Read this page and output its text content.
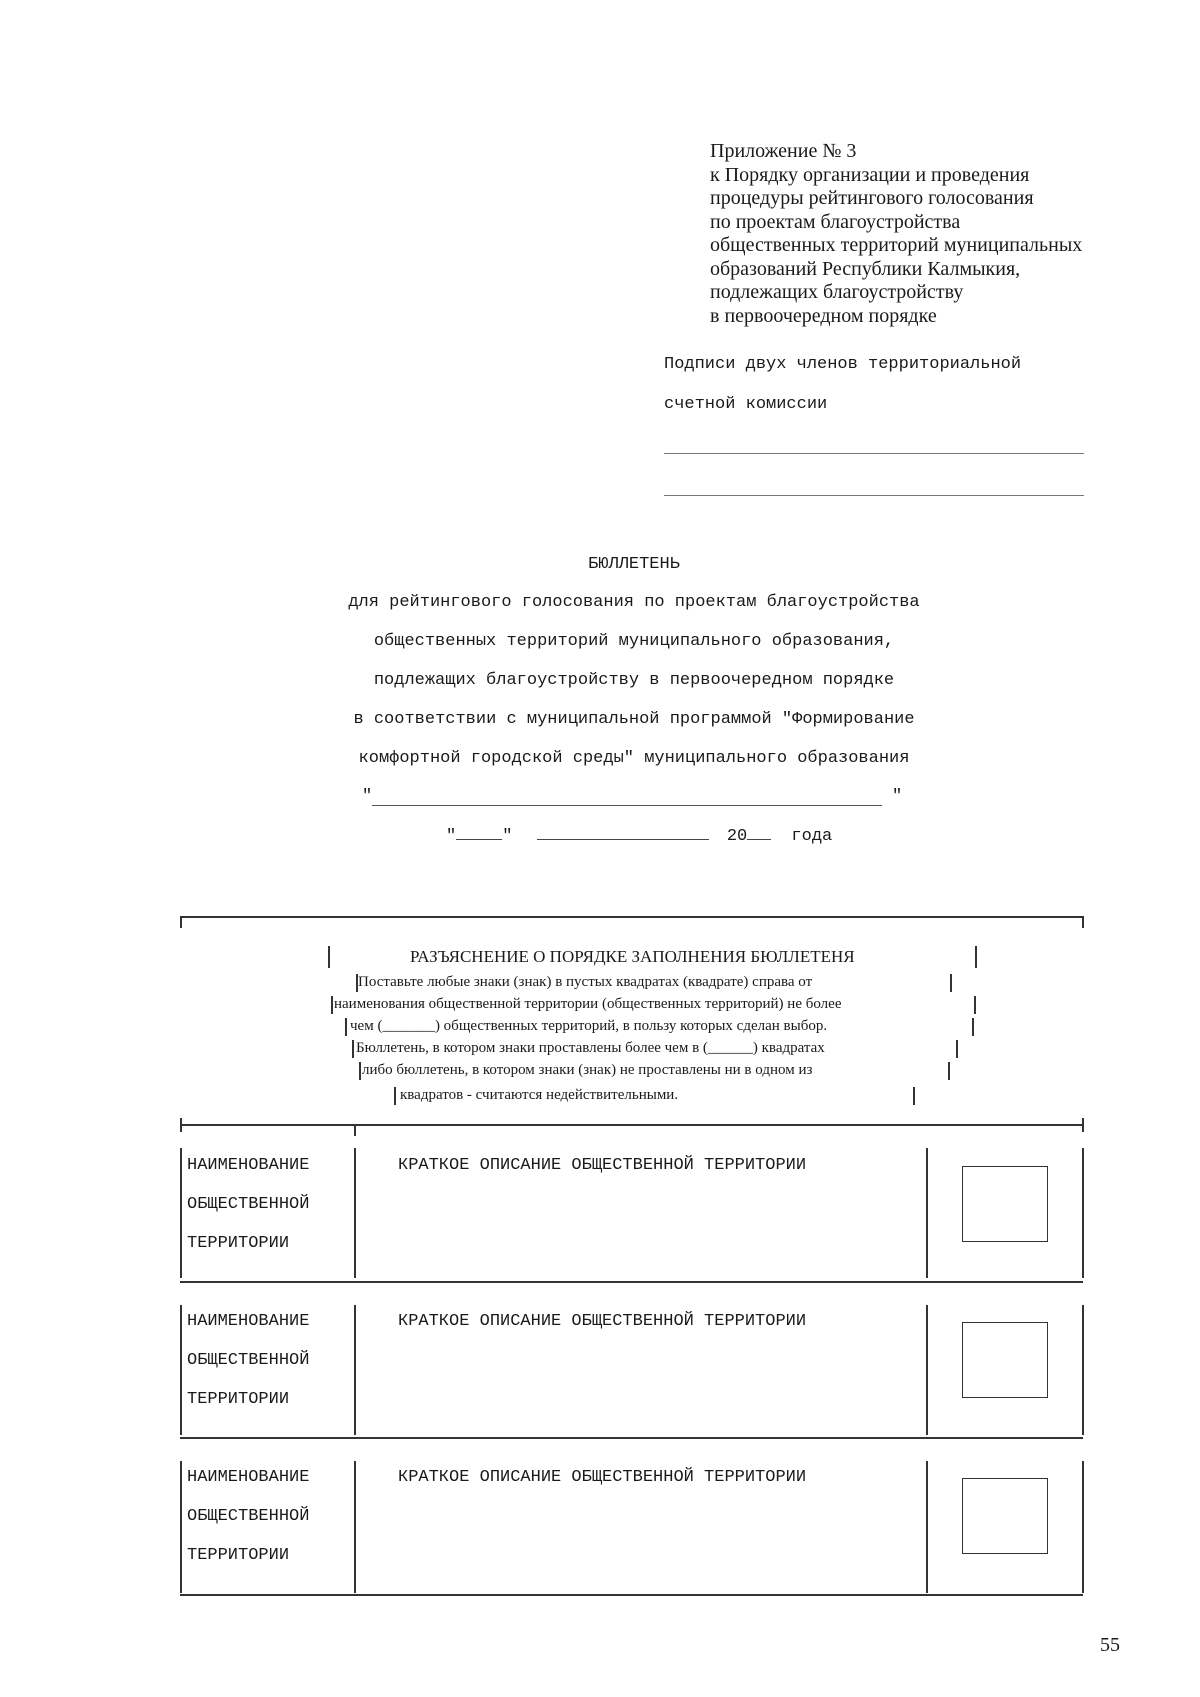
Приложение № 3
к Порядку организации и проведения
процедуры рейтингового голосования
по проектам благоустройства
общественных территорий муниципальных
образований Республики Калмыкия,
подлежащих благоустройству
в первоочередном порядке
Подписи двух членов территориальной
счетной комиссии
БЮЛЛЕТЕНЬ
для рейтингового голосования по проектам благоустройства
общественных территорий муниципального образования,
подлежащих благоустройству в первоочередном порядке
в соответствии с муниципальной программой "Формирование
комфортной городской среды" муниципального образования
"	"
"	"	20	года
РАЗЪЯСНЕНИЕ О ПОРЯДКЕ ЗАПОЛНЕНИЯ БЮЛЛЕТЕНЯ
Поставьте любые знаки (знак) в пустых квадратах (квадрате) справа от
наименования общественной территории (общественных территорий) не более
чем (_______) общественных территорий, в пользу которых сделан выбор.
Бюллетень, в котором знаки проставлены более чем в (______) квадратах
либо бюллетень, в котором знаки (знак) не проставлены ни в одном из
квадратов - считаются недействительными.
НАИМЕНОВАНИЕ
ОБЩЕСТВЕННОЙ
ТЕРРИТОРИИ
КРАТКОЕ ОПИСАНИЕ ОБЩЕСТВЕННОЙ ТЕРРИТОРИИ
НАИМЕНОВАНИЕ
ОБЩЕСТВЕННОЙ
ТЕРРИТОРИИ
КРАТКОЕ ОПИСАНИЕ ОБЩЕСТВЕННОЙ ТЕРРИТОРИИ
НАИМЕНОВАНИЕ
ОБЩЕСТВЕННОЙ
ТЕРРИТОРИИ
КРАТКОЕ ОПИСАНИЕ ОБЩЕСТВЕННОЙ ТЕРРИТОРИИ
55
